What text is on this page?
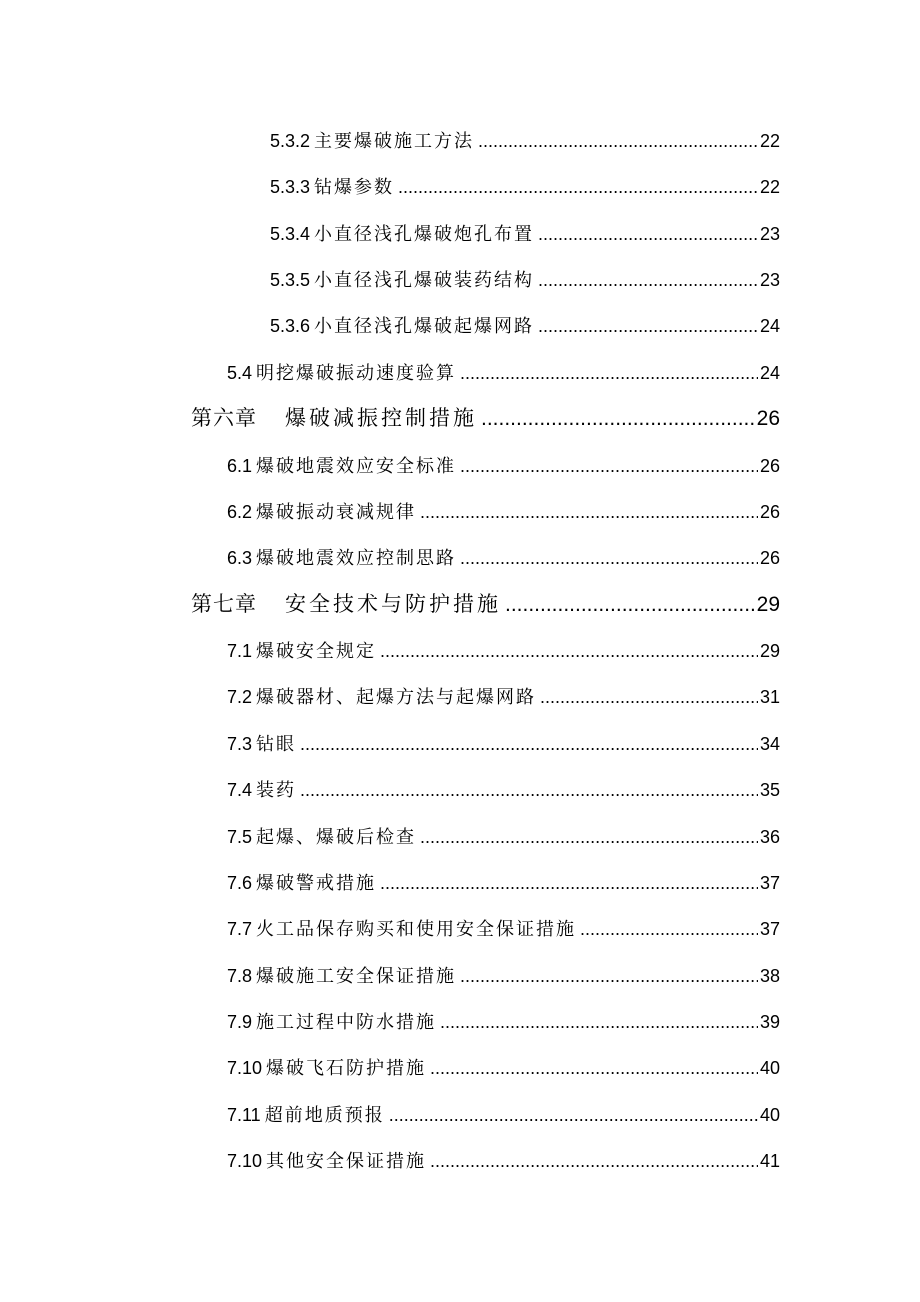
5.3.2 主要爆破施工方法 .....	22
5.3.3 钻爆参数 .....	22
5.3.4 小直径浅孔爆破炮孔布置 .....	23
5.3.5 小直径浅孔爆破装药结构 .....	23
5.3.6 小直径浅孔爆破起爆网路 .....	24
5.4 明挖爆破振动速度验算 .....	24
第六章 爆破减振控制措施 .....	26
6.1 爆破地震效应安全标准 .....	26
6.2 爆破振动衰减规律 .....	26
6.3 爆破地震效应控制思路 .....	26
第七章 安全技术与防护措施 .....	29
7.1 爆破安全规定 .....	29
7.2 爆破器材、起爆方法与起爆网路 .....	31
7.3 钻眼 .....	34
7.4 装药 .....	35
7.5 起爆、爆破后检查 .....	36
7.6 爆破警戒措施 .....	37
7.7 火工品保存购买和使用安全保证措施 .....	37
7.8 爆破施工安全保证措施 .....	38
7.9 施工过程中防水措施 .....	39
7.10 爆破飞石防护措施 .....	40
7.11 超前地质预报 .....	40
7.10 其他安全保证措施 .....	41
